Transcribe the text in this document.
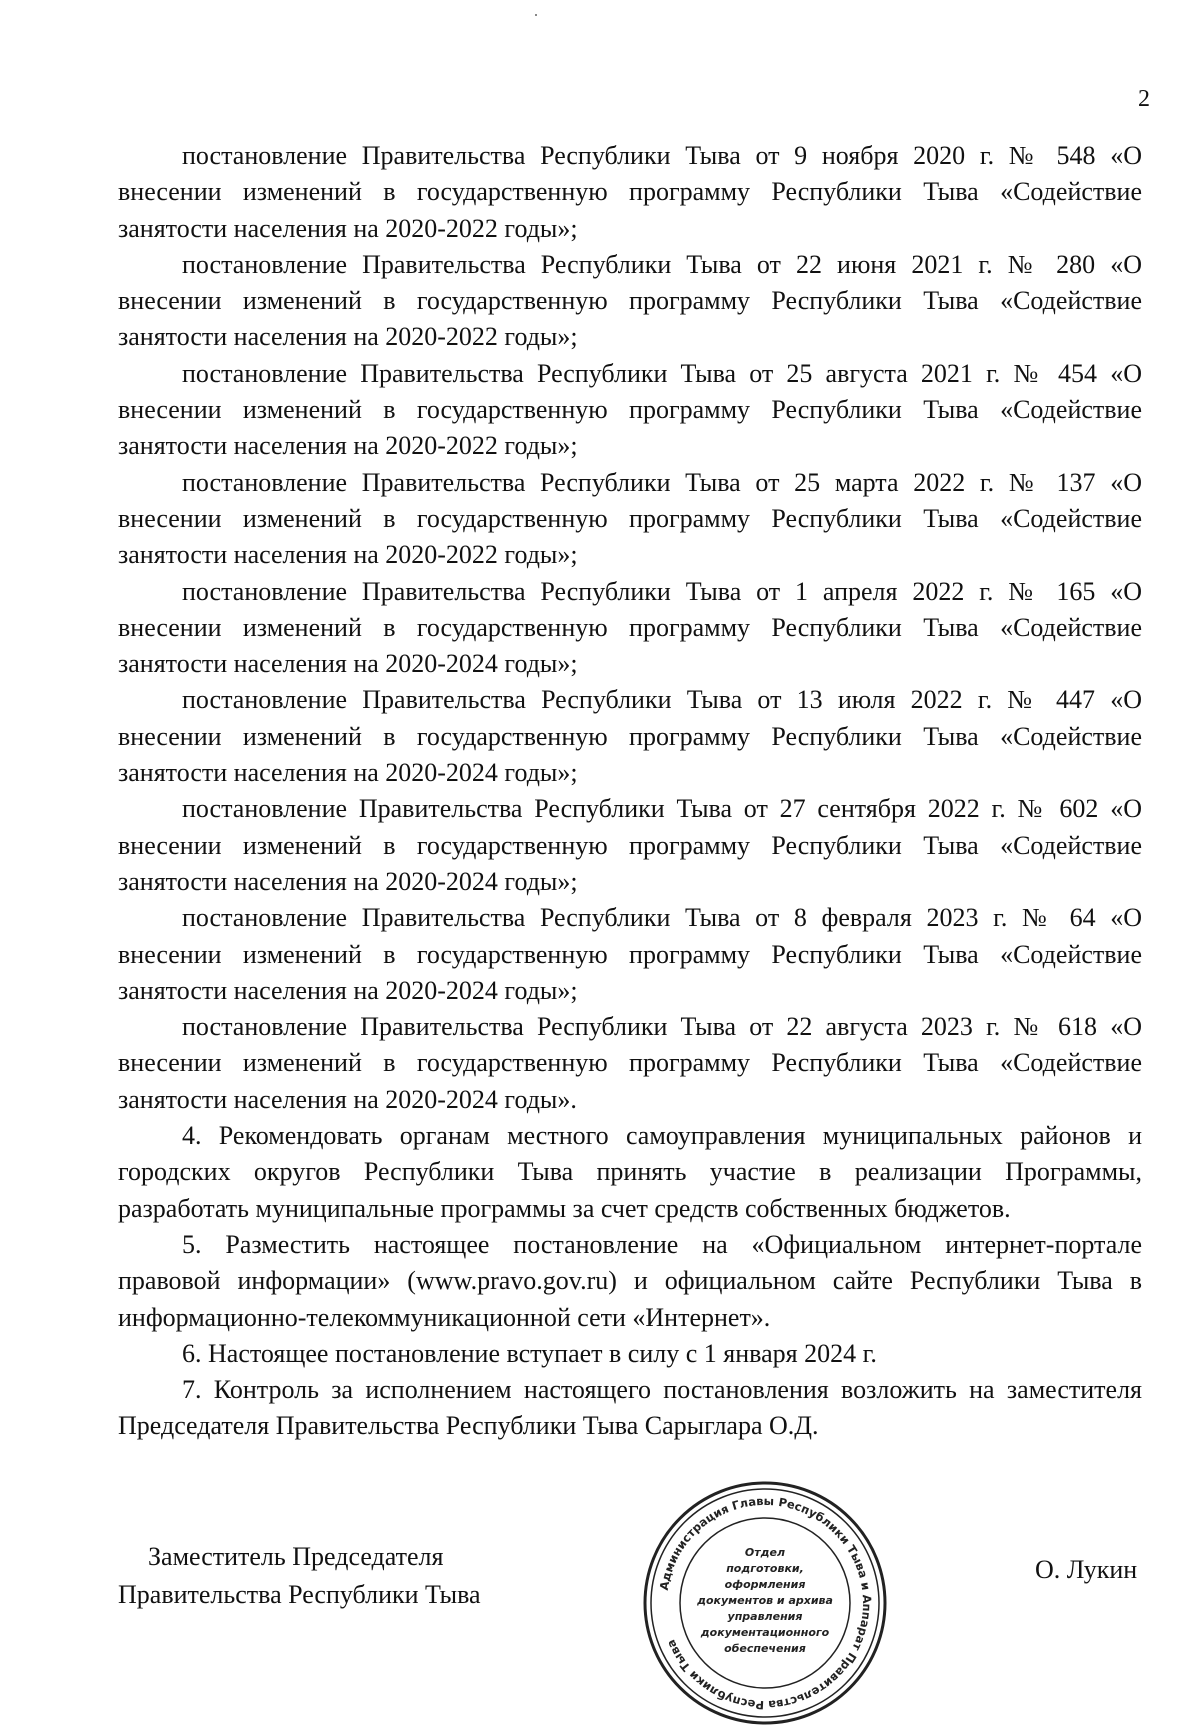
2

постановление Правительства Республики Тыва от 9 ноября 2020 г. № 548 «О внесении изменений в государственную программу Республики Тыва «Содействие занятости населения на 2020-2022 годы»;

постановление Правительства Республики Тыва от 22 июня 2021 г. № 280 «О внесении изменений в государственную программу Республики Тыва «Содействие занятости населения на 2020-2022 годы»;

постановление Правительства Республики Тыва от 25 августа 2021 г. № 454 «О внесении изменений в государственную программу Республики Тыва «Содействие занятости населения на 2020-2022 годы»;

постановление Правительства Республики Тыва от 25 марта 2022 г. № 137 «О внесении изменений в государственную программу Республики Тыва «Содействие занятости населения на 2020-2022 годы»;

постановление Правительства Республики Тыва от 1 апреля 2022 г. № 165 «О внесении изменений в государственную программу Республики Тыва «Содействие занятости населения на 2020-2024 годы»;

постановление Правительства Республики Тыва от 13 июля 2022 г. № 447 «О внесении изменений в государственную программу Республики Тыва «Содействие занятости населения на 2020-2024 годы»;

постановление Правительства Республики Тыва от 27 сентября 2022 г. № 602 «О внесении изменений в государственную программу Республики Тыва «Содействие занятости населения на 2020-2024 годы»;

постановление Правительства Республики Тыва от 8 февраля 2023 г. № 64 «О внесении изменений в государственную программу Республики Тыва «Содействие занятости населения на 2020-2024 годы»;

постановление Правительства Республики Тыва от 22 августа 2023 г. № 618 «О внесении изменений в государственную программу Республики Тыва «Содействие занятости населения на 2020-2024 годы».

4. Рекомендовать органам местного самоуправления муниципальных районов и городских округов Республики Тыва принять участие в реализации Программы, разработать муниципальные программы за счет средств собственных бюджетов.

5. Разместить настоящее постановление на «Официальном интернет-портале правовой информации» (www.pravo.gov.ru) и официальном сайте Республики Тыва в информационно-телекоммуникационной сети «Интернет».

6. Настоящее постановление вступает в силу с 1 января 2024 г.

7. Контроль за исполнением настоящего постановления возложить на заместителя Председателя Правительства Республики Тыва Сарыглара О.Д.

Заместитель Председателя
Правительства Республики Тыва
О. Лукин
Администрация Главы Республики Тыва и Аппарат Правительства Республики Тыва
Отдел
подготовки,
оформления
документов и архива
управления
документационного
обеспечения
